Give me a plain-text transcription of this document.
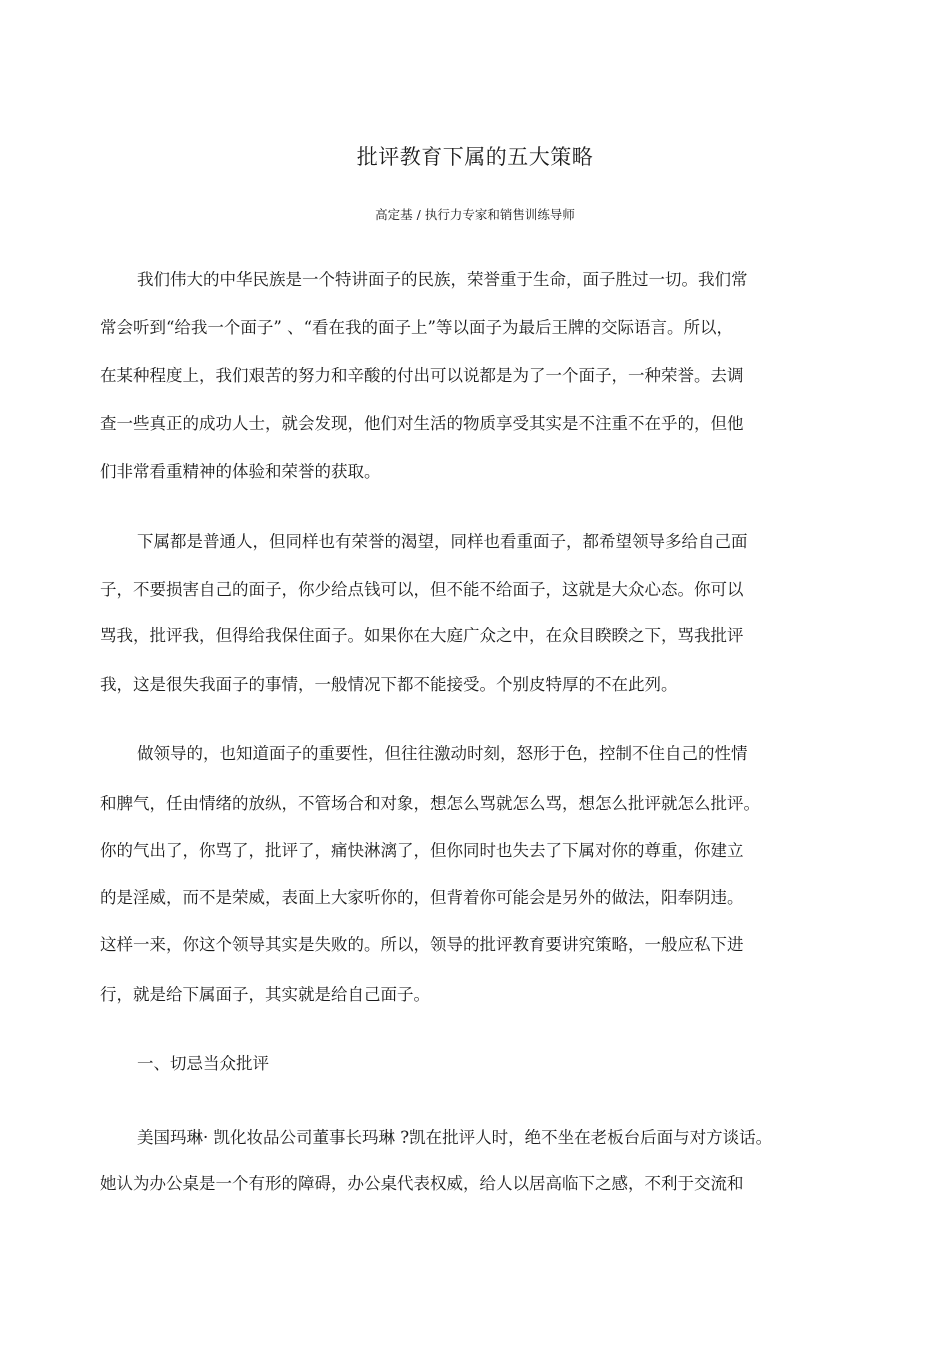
批评教育下属的五大策略
高定基 / 执行力专家和销售训练导师
我们伟大的中华民族是一个特讲面子的民族，荣誉重于生命，面子胜过一切。我们常
常会听到“给我一个面子” 、“看在我的面子上”等以面子为最后王牌的交际语言。所以，
在某种程度上，我们艰苦的努力和辛酸的付出可以说都是为了一个面子，一种荣誉。去调
查一些真正的成功人士，就会发现，他们对生活的物质享受其实是不注重不在乎的，但他
们非常看重精神的体验和荣誉的获取。
下属都是普通人，但同样也有荣誉的渴望，同样也看重面子，都希望领导多给自己面
子，不要损害自己的面子，你少给点钱可以，但不能不给面子，这就是大众心态。你可以
骂我，批评我，但得给我保住面子。如果你在大庭广众之中，在众目睽睽之下，骂我批评
我，这是很失我面子的事情，一般情况下都不能接受。个别皮特厚的不在此列。
做领导的，也知道面子的重要性，但往往激动时刻，怒形于色，控制不住自己的性情
和脾气，任由情绪的放纵，不管场合和对象，想怎么骂就怎么骂，想怎么批评就怎么批评。
你的气出了，你骂了，批评了，痛快淋漓了，但你同时也失去了下属对你的尊重，你建立
的是淫威，而不是荣威，表面上大家听你的，但背着你可能会是另外的做法，阳奉阴违。
这样一来，你这个领导其实是失败的。所以，领导的批评教育要讲究策略，一般应私下进
行，就是给下属面子，其实就是给自己面子。
一、切忌当众批评
美国玛琳· 凯化妆品公司董事长玛琳 ?凯在批评人时，绝不坐在老板台后面与对方谈话。
她认为办公桌是一个有形的障碍，办公桌代表权威，给人以居高临下之感，不利于交流和
